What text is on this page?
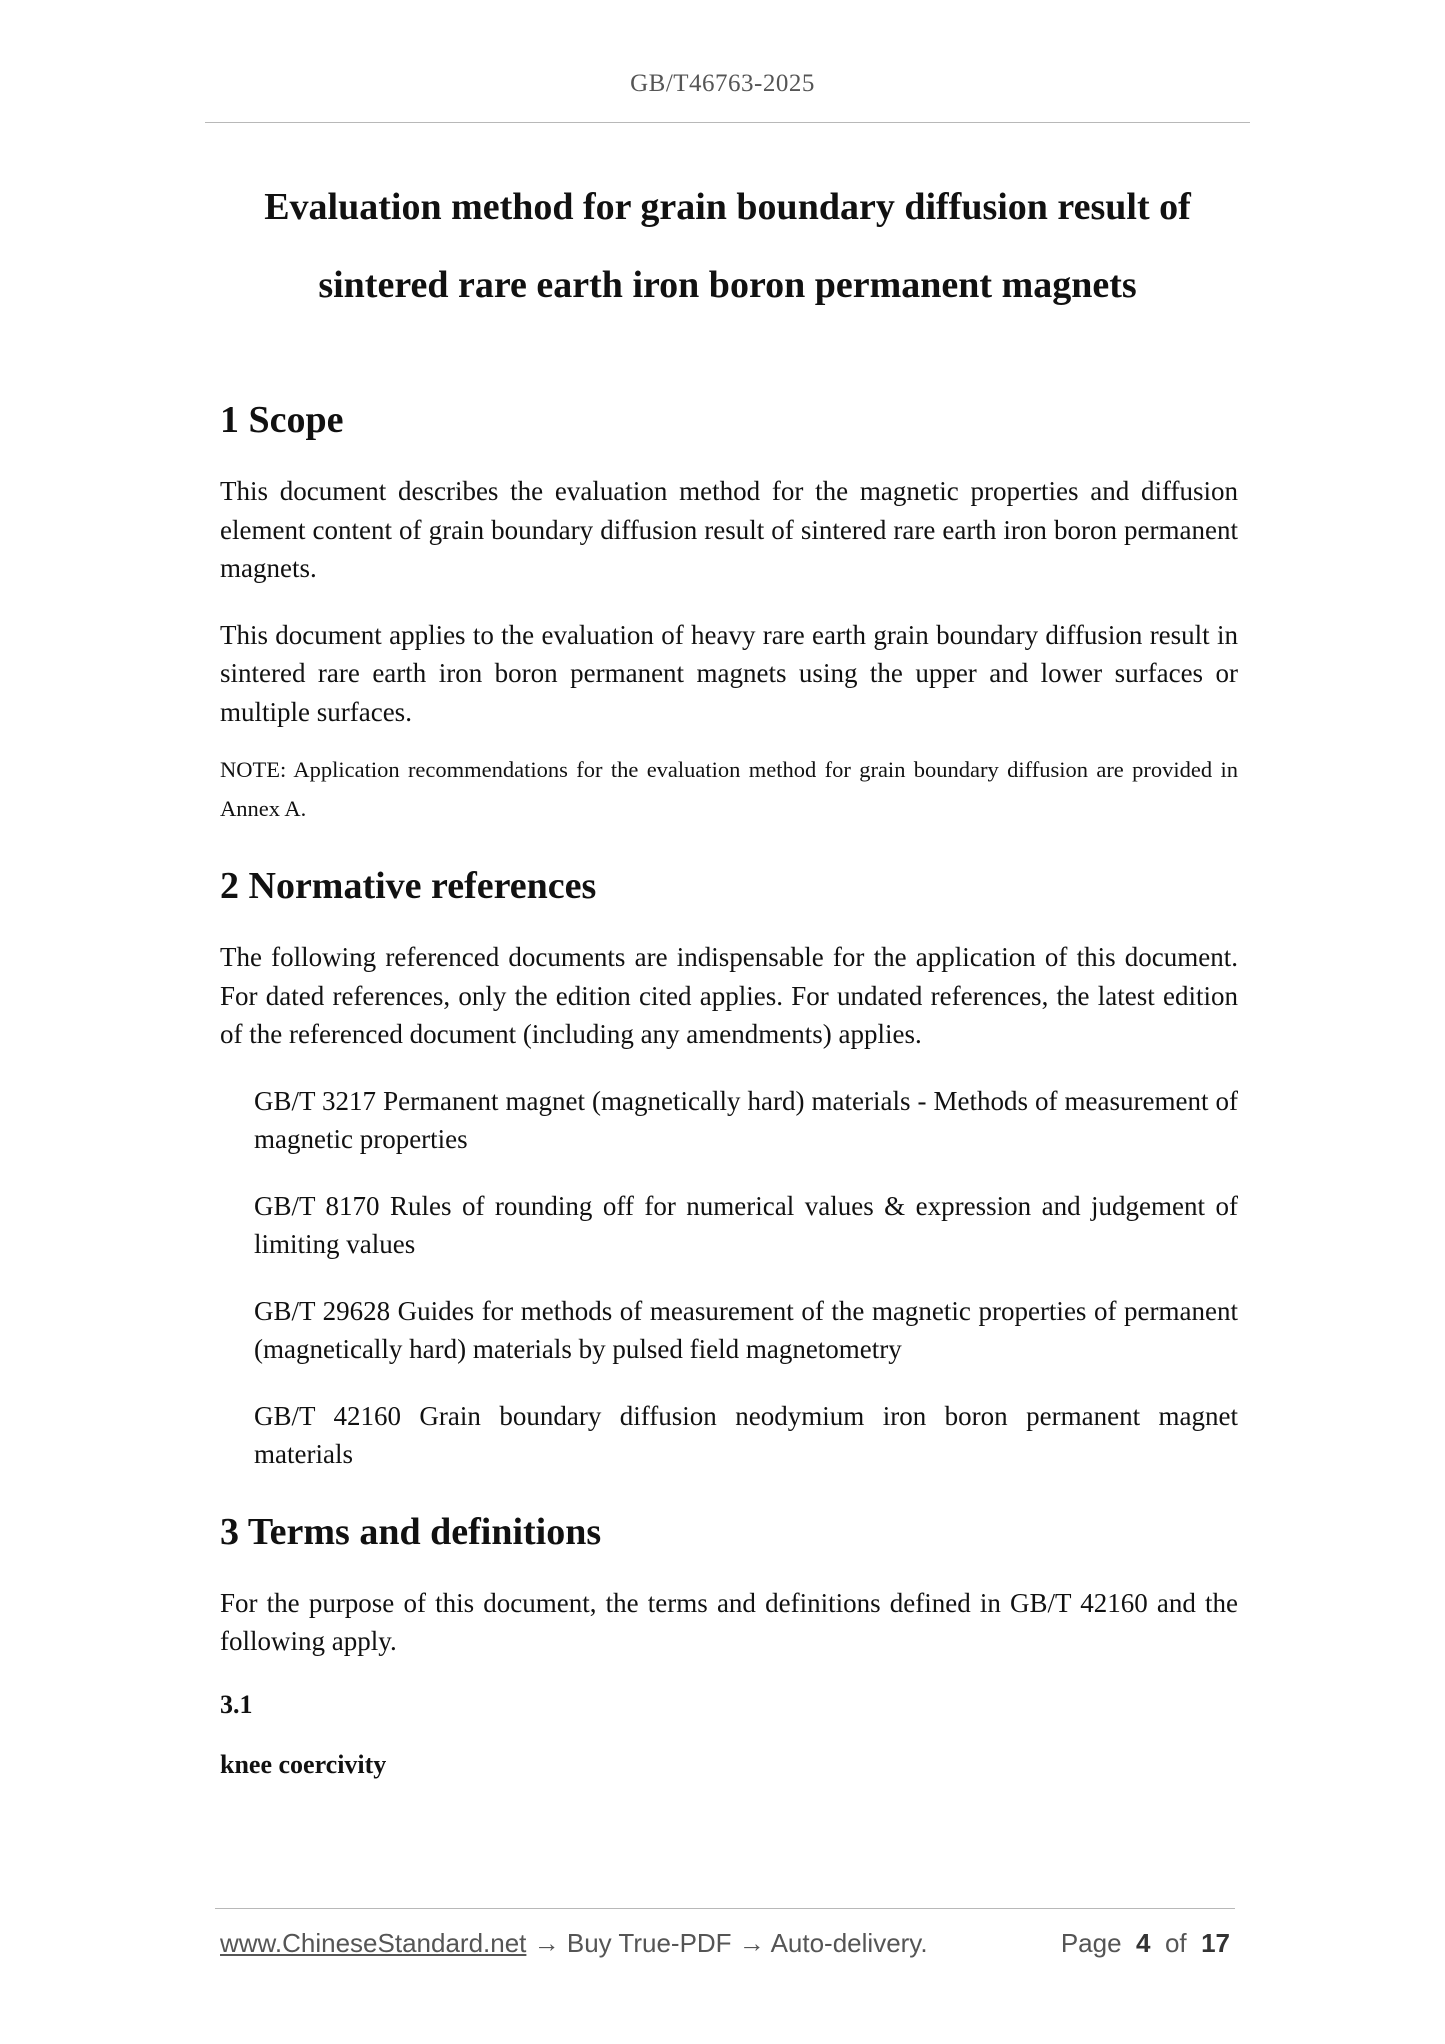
GB/T46763-2025
Evaluation method for grain boundary diffusion result of
sintered rare earth iron boron permanent magnets
1 Scope

This document describes the evaluation method for the magnetic properties and diffusion element content of grain boundary diffusion result of sintered rare earth iron boron permanent magnets.

This document applies to the evaluation of heavy rare earth grain boundary diffusion result in sintered rare earth iron boron permanent magnets using the upper and lower surfaces or multiple surfaces.

NOTE: Application recommendations for the evaluation method for grain boundary diffusion are provided in Annex A.

2 Normative references

The following referenced documents are indispensable for the application of this document. For dated references, only the edition cited applies. For undated references, the latest edition of the referenced document (including any amendments) applies.

GB/T 3217 Permanent magnet (magnetically hard) materials - Methods of measurement of magnetic properties

GB/T 8170 Rules of rounding off for numerical values & expression and judgement of limiting values

GB/T 29628 Guides for methods of measurement of the magnetic properties of permanent (magnetically hard) materials by pulsed field magnetometry

GB/T 42160 Grain boundary diffusion neodymium iron boron permanent magnet materials

3 Terms and definitions

For the purpose of this document, the terms and definitions defined in GB/T 42160 and the following apply.

3.1
knee coercivity
www.ChineseStandard.net → Buy True-PDF → Auto-delivery.	Page 4 of 17
